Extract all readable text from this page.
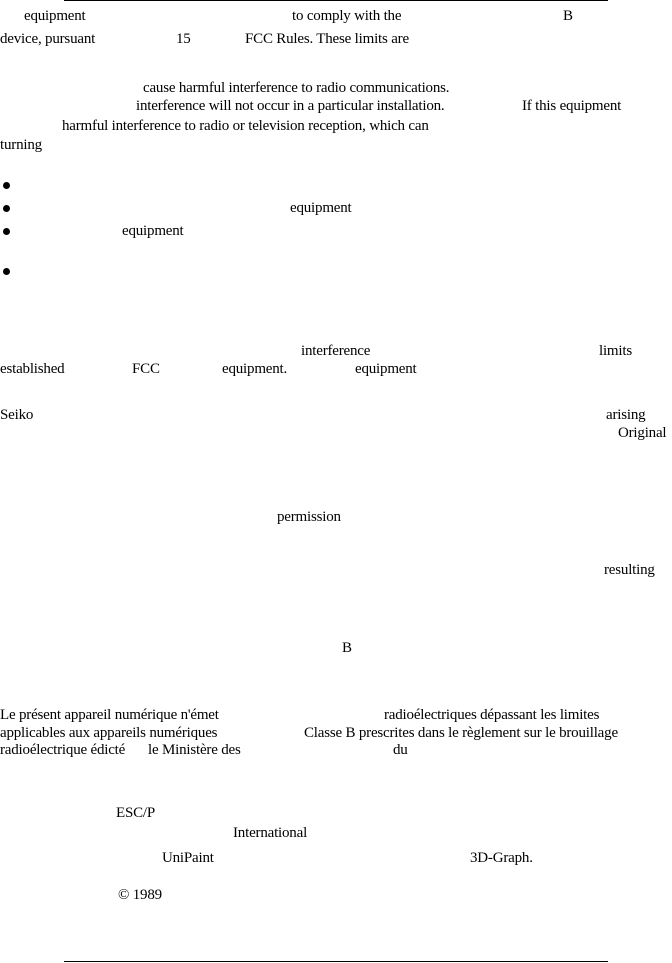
equipment	to comply with the	B
device, pursuant	15	FCC Rules. These limits are
cause harmful interference to radio communications.
interference will not occur in a particular installation.	If this equipment
harmful interference to radio or television reception, which can
turning
equipment
equipment
interference	limits
established	FCC	equipment.	equipment
Seiko	arising
Original
permission
resulting
B
Le présent appareil numérique n'émet	radioélectriques dépassant les limites
applicables aux appareils numériques	Classe B prescrites dans le règlement sur le brouillage
radioélectrique édicté le Ministère des	du
ESC/P
International
UniPaint	3D-Graph.
© 1989
